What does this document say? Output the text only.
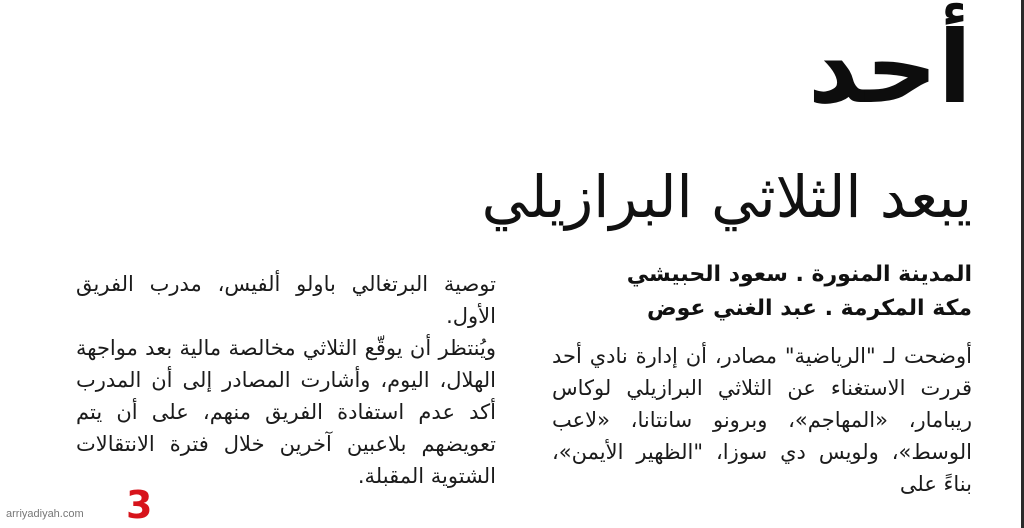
أحد
يبعد الثلاثي البرازيلي
المدينة المنورة . سعود الحبيشي
مكة المكرمة . عبد الغني عوض

أوضحت لـ "الرياضية" مصادر، أن إدارة نادي أحد قررت الاستغناء عن الثلاثي البرازيلي لوكاس ريبامار، «المهاجم»، وبرونو سانتانا، «لاعب الوسط»، ولويس دي سوزا، "الظهير الأيمن»، بناءً على

توصية البرتغالي باولو ألفيس، مدرب الفريق الأول.

ويُنتظر أن يوقّع الثلاثي مخالصة مالية بعد مواجهة الهلال، اليوم، وأشارت المصادر إلى أن المدرب أكد عدم استفادة الفريق منهم، على أن يتم تعويضهم بلاعبين آخرين خلال فترة الانتقالات الشتوية المقبلة.

3
arriyadiyah.com
